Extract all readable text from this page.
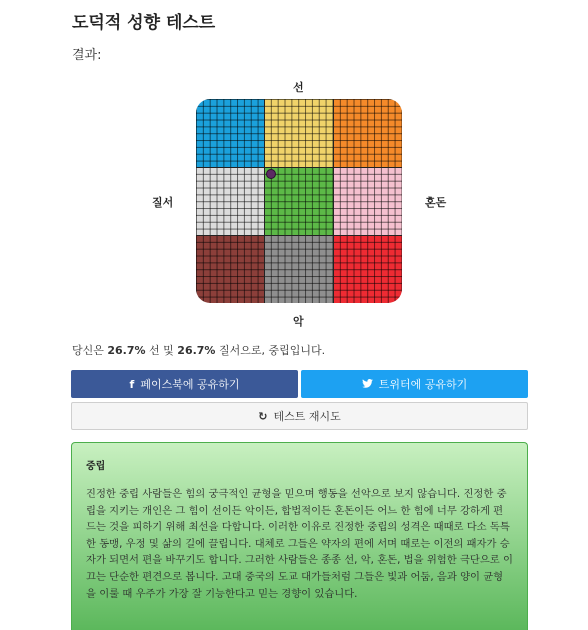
도덕적 성향 테스트
결과:
선
악
질서	혼돈
당신은 26.7% 선 및 26.7% 질서으로, 중립입니다.
f 페이스북에 공유하기	트위터에 공유하기
↻ 테스트 재시도
중립
진정한 중립 사람들은 힘의 궁극적인 균형을 믿으며 행동을 선악으로 보지 않습니다. 진정한 중립을 지키는 개인은 그 힘이 선이든 악이든, 합법적이든 혼돈이든 어느 한 힘에 너무 강하게 편드는 것을 피하기 위해 최선을 다합니다. 이러한 이유로 진정한 중립의 성격은 때때로 다소 독특한 동맹, 우정 및 삶의 길에 끌립니다. 대체로 그들은 약자의 편에 서며 때로는 이전의 패자가 승자가 되면서 편을 바꾸기도 합니다. 그러한 사람들은 종종 선, 악, 혼돈, 법을 위험한 극단으로 이끄는 단순한 편견으로 봅니다. 고대 중국의 도교 대가들처럼 그들은 빛과 어둠, 음과 양이 균형을 이룰 때 우주가 가장 잘 기능한다고 믿는 경향이 있습니다.
